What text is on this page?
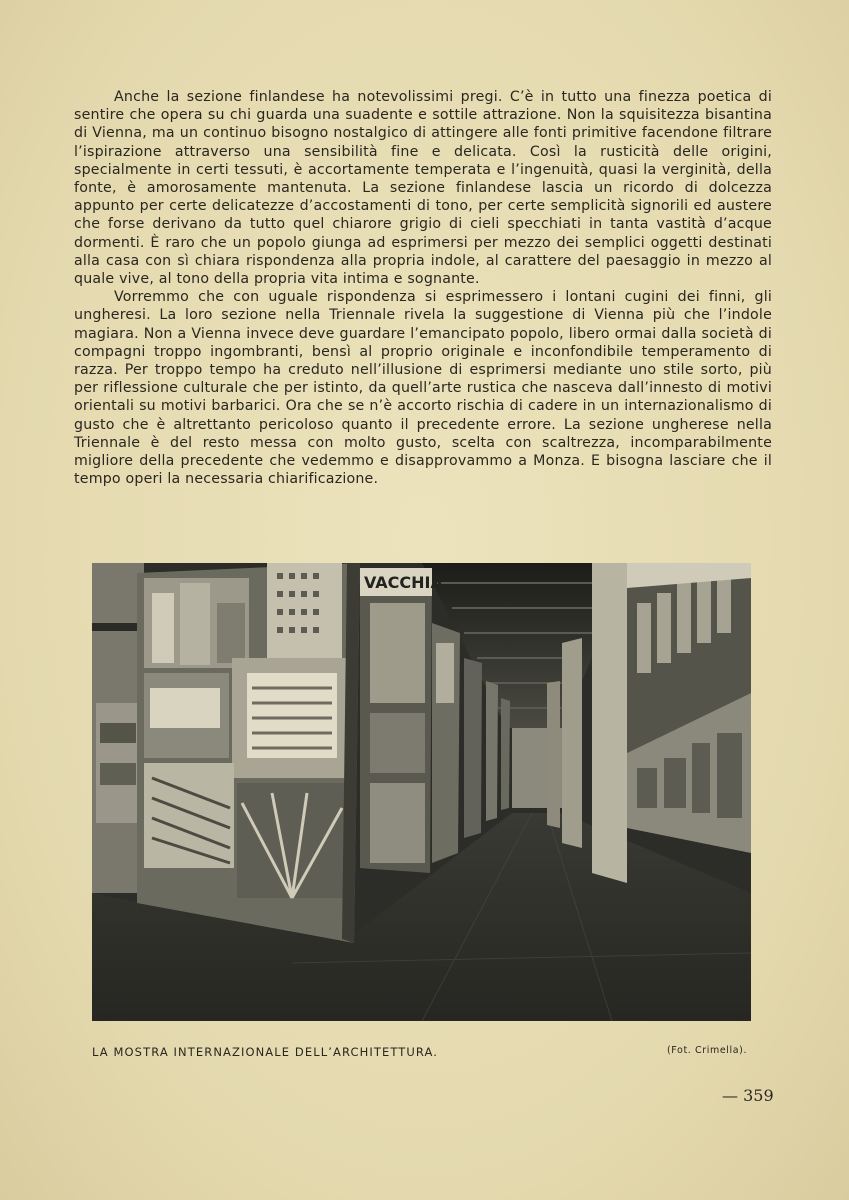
Anche la sezione finlandese ha notevolissimi pregi. C’è in tutto una finezza poetica di sentire che opera su chi guarda una suadente e sottile attrazione. Non la squisitezza bisantina di Vienna, ma un continuo bisogno nostalgico di attingere alle fonti primitive facendone filtrare l’ispirazione attraverso una sensibilità fine e delicata. Così la rusticità delle origini, specialmente in certi tessuti, è accortamente temperata e l’ingenuità, quasi la verginità, della fonte, è amorosamente mantenuta. La sezione finlandese lascia un ricordo di dolcezza appunto per certe delicatezze d’accostamenti di tono, per certe semplicità signorili ed austere che forse derivano da tutto quel chiarore grigio di cieli specchiati in tanta vastità d’acque dormenti. È raro che un popolo giunga ad esprimersi per mezzo dei semplici oggetti destinati alla casa con sì chiara rispondenza alla propria indole, al carattere del paesaggio in mezzo al quale vive, al tono della propria vita intima e sognante.

Vorremmo che con uguale rispondenza si esprimessero i lontani cugini dei finni, gli ungheresi. La loro sezione nella Triennale rivela la suggestione di Vienna più che l’indole magiara. Non a Vienna invece deve guardare l’emancipato popolo, libero ormai dalla società di compagni troppo ingombranti, bensì al proprio originale e inconfondibile temperamento di razza. Per troppo tempo ha creduto nell’illusione di esprimersi mediante uno stile sorto, più per riflessione culturale che per istinto, da quell’arte rustica che nasceva dall’innesto di motivi orientali su motivi barbarici. Ora che se n’è accorto rischia di cadere in un internazionalismo di gusto che è altrettanto pericoloso quanto il precedente errore. La sezione ungherese nella Triennale è del resto messa con molto gusto, scelta con scaltrezza, incomparabilmente migliore della precedente che vedemmo e disapprovammo a Monza. E bisogna lasciare che il tempo operi la necessaria chiarificazione.

VACCHIA
LA MOSTRA INTERNAZIONALE DELL’ARCHITETTURA.	(Fot. Crimella).
— 359
